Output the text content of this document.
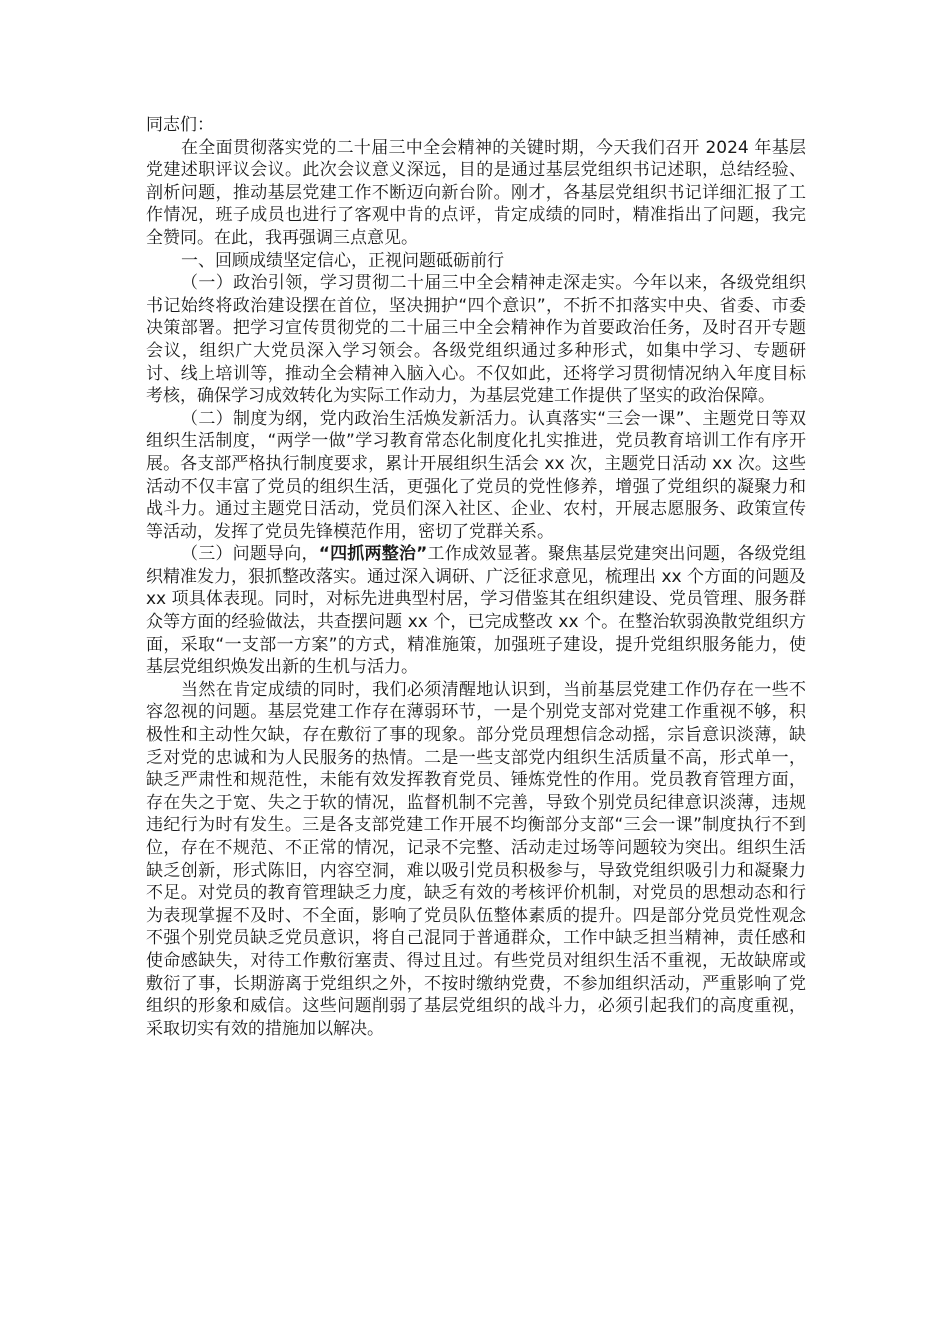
同志们：

在全面贯彻落实党的二十届三中全会精神的关键时期，今天我们召开 2024 年基层党建述职评议会议。此次会议意义深远，目的是通过基层党组织书记述职，总结经验、剖析问题，推动基层党建工作不断迈向新台阶。刚才，各基层党组织书记详细汇报了工作情况，班子成员也进行了客观中肯的点评，肯定成绩的同时，精准指出了问题，我完全赞同。在此，我再强调三点意见。

一、回顾成绩坚定信心，正视问题砥砺前行

（一）政治引领，学习贯彻二十届三中全会精神走深走实。今年以来，各级党组织书记始终将政治建设摆在首位，坚决拥护“四个意识”，不折不扣落实中央、省委、市委决策部署。把学习宣传贯彻党的二十届三中全会精神作为首要政治任务，及时召开专题会议，组织广大党员深入学习领会。各级党组织通过多种形式，如集中学习、专题研讨、线上培训等，推动全会精神入脑入心。不仅如此，还将学习贯彻情况纳入年度目标考核，确保学习成效转化为实际工作动力，为基层党建工作提供了坚实的政治保障。

（二）制度为纲，党内政治生活焕发新活力。认真落实“三会一课”、主题党日等双组织生活制度，“两学一做”学习教育常态化制度化扎实推进，党员教育培训工作有序开展。各支部严格执行制度要求，累计开展组织生活会 xx 次，主题党日活动 xx 次。这些活动不仅丰富了党员的组织生活，更强化了党员的党性修养，增强了党组织的凝聚力和战斗力。通过主题党日活动，党员们深入社区、企业、农村，开展志愿服务、政策宣传等活动，发挥了党员先锋模范作用，密切了党群关系。

（三）问题导向，“四抓两整治”工作成效显著。聚焦基层党建突出问题，各级党组织精准发力，狠抓整改落实。通过深入调研、广泛征求意见，梳理出 xx 个方面的问题及 xx 项具体表现。同时，对标先进典型村居，学习借鉴其在组织建设、党员管理、服务群众等方面的经验做法，共查摆问题 xx 个，已完成整改 xx 个。在整治软弱涣散党组织方面，采取“一支部一方案”的方式，精准施策，加强班子建设，提升党组织服务能力，使基层党组织焕发出新的生机与活力。

当然在肯定成绩的同时，我们必须清醒地认识到，当前基层党建工作仍存在一些不容忽视的问题。基层党建工作存在薄弱环节，一是个别党支部对党建工作重视不够，积极性和主动性欠缺，存在敷衍了事的现象。部分党员理想信念动摇，宗旨意识淡薄，缺乏对党的忠诚和为人民服务的热情。二是一些支部党内组织生活质量不高，形式单一，缺乏严肃性和规范性，未能有效发挥教育党员、锤炼党性的作用。党员教育管理方面，存在失之于宽、失之于软的情况，监督机制不完善，导致个别党员纪律意识淡薄，违规违纪行为时有发生。三是各支部党建工作开展不均衡部分支部“三会一课”制度执行不到位，存在不规范、不正常的情况，记录不完整、活动走过场等问题较为突出。组织生活缺乏创新，形式陈旧，内容空洞，难以吸引党员积极参与，导致党组织吸引力和凝聚力不足。对党员的教育管理缺乏力度，缺乏有效的考核评价机制，对党员的思想动态和行为表现掌握不及时、不全面，影响了党员队伍整体素质的提升。四是部分党员党性观念不强个别党员缺乏党员意识，将自己混同于普通群众，工作中缺乏担当精神，责任感和使命感缺失，对待工作敷衍塞责、得过且过。有些党员对组织生活不重视，无故缺席或敷衍了事，长期游离于党组织之外，不按时缴纳党费，不参加组织活动，严重影响了党组织的形象和威信。这些问题削弱了基层党组织的战斗力，必须引起我们的高度重视，采取切实有效的措施加以解决。
